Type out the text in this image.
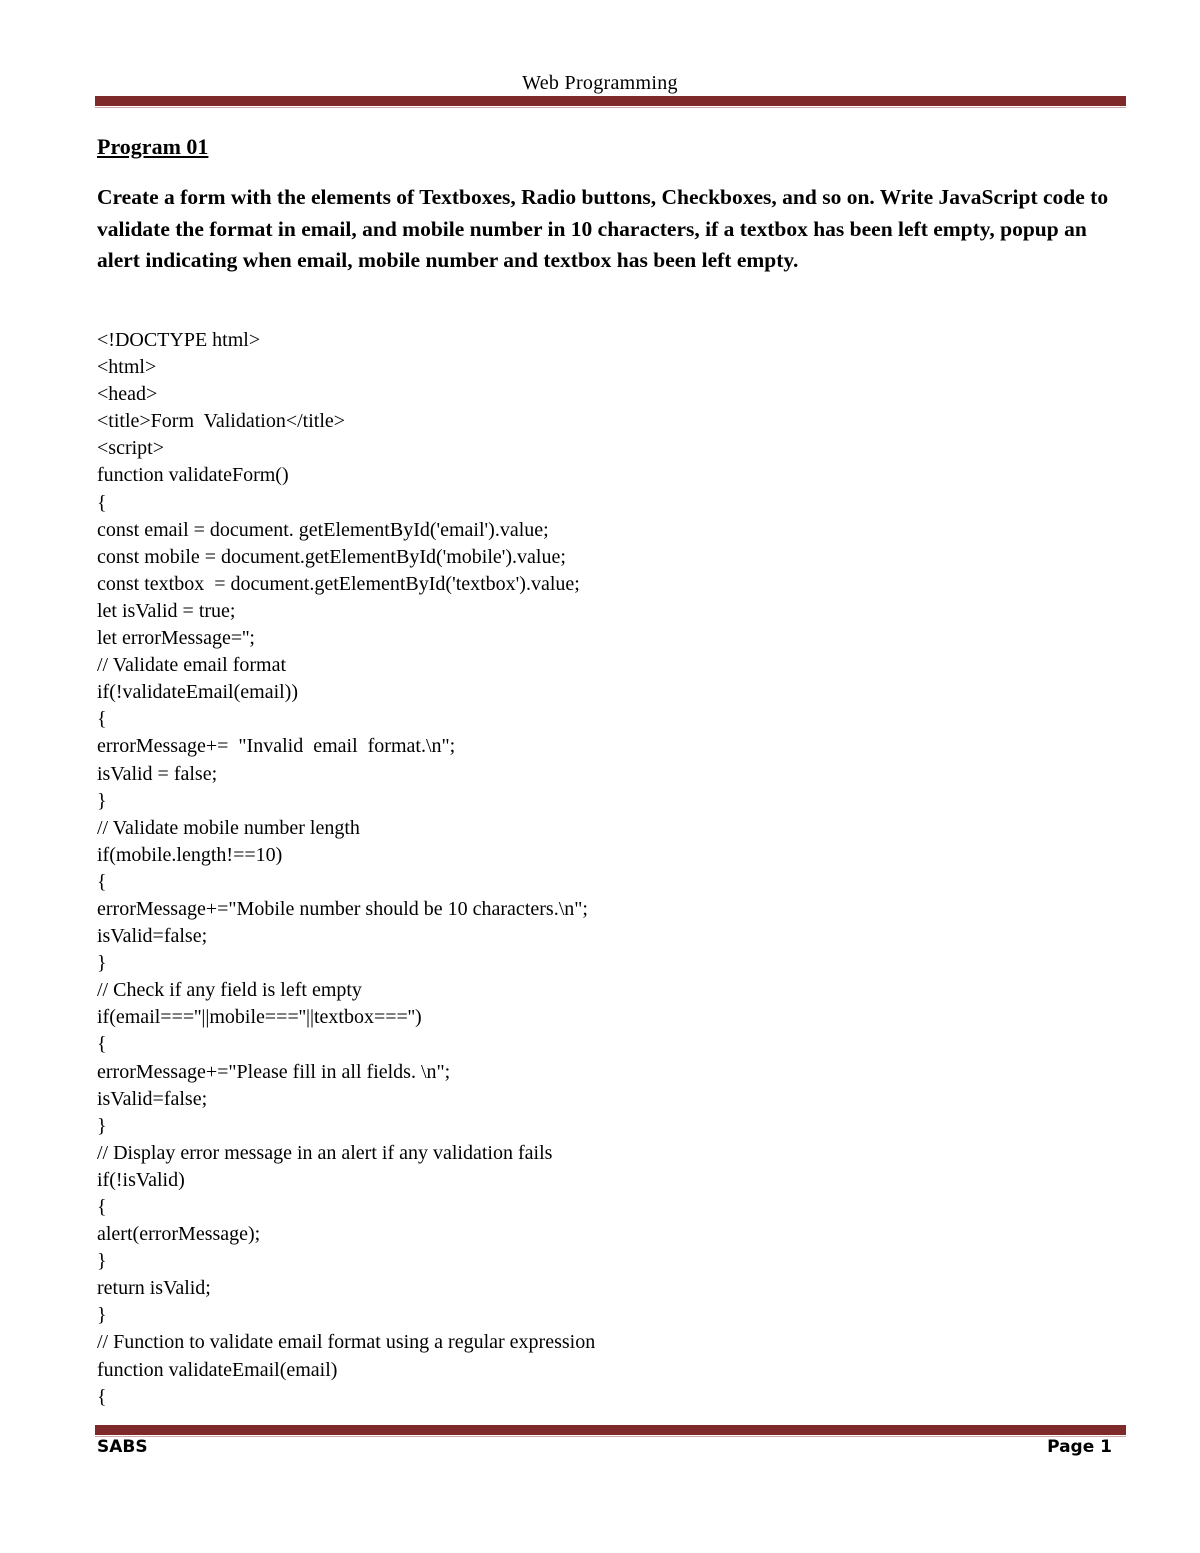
Web Programming
Program 01
Create a form with the elements of Textboxes, Radio buttons, Checkboxes, and so on. Write JavaScript code to validate the format in email, and mobile number in 10 characters, if a textbox has been left empty, popup an alert indicating when email, mobile number and textbox has been left empty.
<!DOCTYPE html>
<html>
<head>
<title>Form  Validation</title>
<script>
function validateForm()
{
const email = document. getElementById('email').value;
const mobile = document.getElementById('mobile').value;
const textbox  = document.getElementById('textbox').value;
let isValid = true;
let errorMessage='';
// Validate email format
if(!validateEmail(email))
{
errorMessage+=  "Invalid  email  format.\n";
isValid = false;
}
// Validate mobile number length
if(mobile.length!==10)
{
errorMessage+="Mobile number should be 10 characters.\n";
isValid=false;
}
// Check if any field is left empty
if(email===''||mobile===''||textbox==='')
{
errorMessage+="Please fill in all fields. \n";
isValid=false;
}
// Display error message in an alert if any validation fails
if(!isValid)
{
alert(errorMessage);
}
return isValid;
}
// Function to validate email format using a regular expression
function validateEmail(email)
{
SABS	Page 1
